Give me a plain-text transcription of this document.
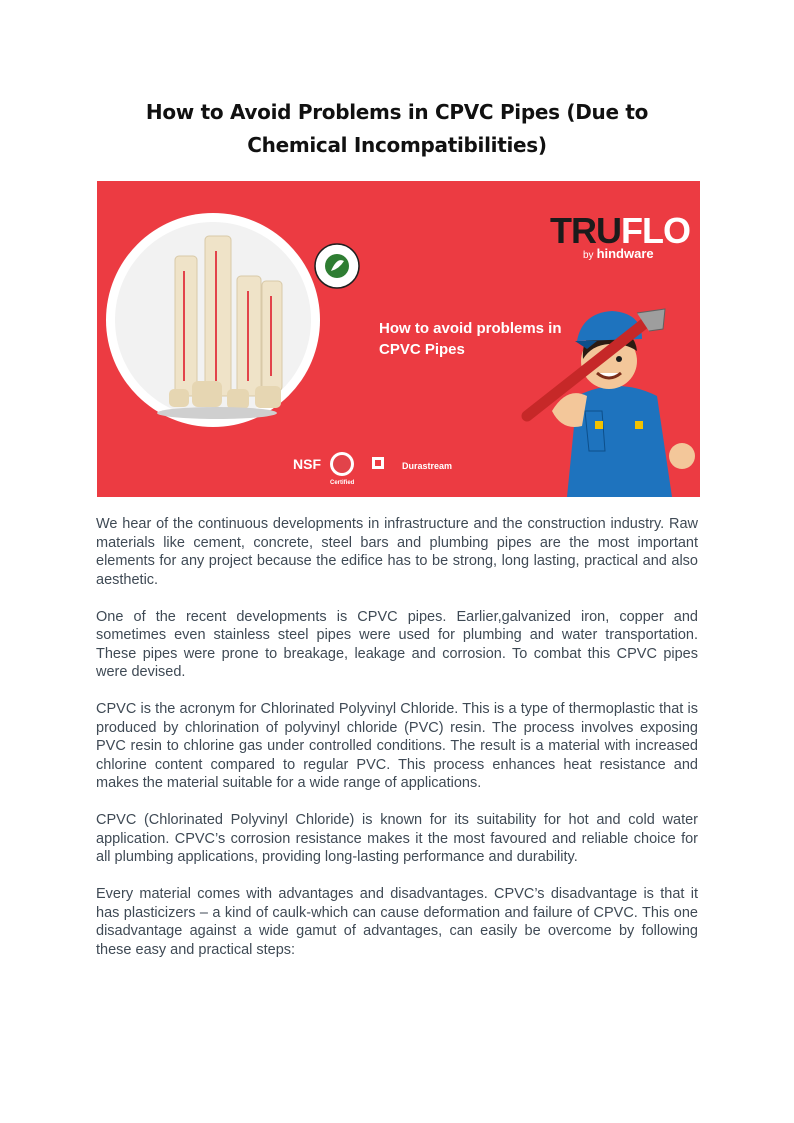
How to Avoid Problems in CPVC Pipes (Due to Chemical Incompatibilities)
TRUFLO
by hindware
How to avoid problems in CPVC Pipes
NSF	Durastream
Certified

We hear of the continuous developments in infrastructure and the construction industry. Raw materials like cement, concrete, steel bars and plumbing pipes are the most important elements for any project because the edifice has to be strong, long lasting, practical and also aesthetic.

One of the recent developments is CPVC pipes. Earlier,galvanized iron, copper and sometimes even stainless steel pipes were used for plumbing and water transportation. These pipes were prone to breakage, leakage and corrosion. To combat this CPVC pipes were devised.

CPVC is the acronym for Chlorinated Polyvinyl Chloride. This is a type of thermoplastic that is produced by chlorination of polyvinyl chloride (PVC) resin. The process involves exposing PVC resin to chlorine gas under controlled conditions. The result is a material with increased chlorine content compared to regular PVC. This process enhances heat resistance and makes the material suitable for a wide range of applications.

CPVC (Chlorinated Polyvinyl Chloride) is known for its suitability for hot and cold water application. CPVC’s corrosion resistance makes it the most favoured and reliable choice for all plumbing applications, providing long-lasting performance and durability.

Every material comes with advantages and disadvantages. CPVC’s disadvantage is that it has plasticizers – a kind of caulk-which can cause deformation and failure of CPVC. This one disadvantage against a wide gamut of advantages, can easily be overcome by following these easy and practical steps:
